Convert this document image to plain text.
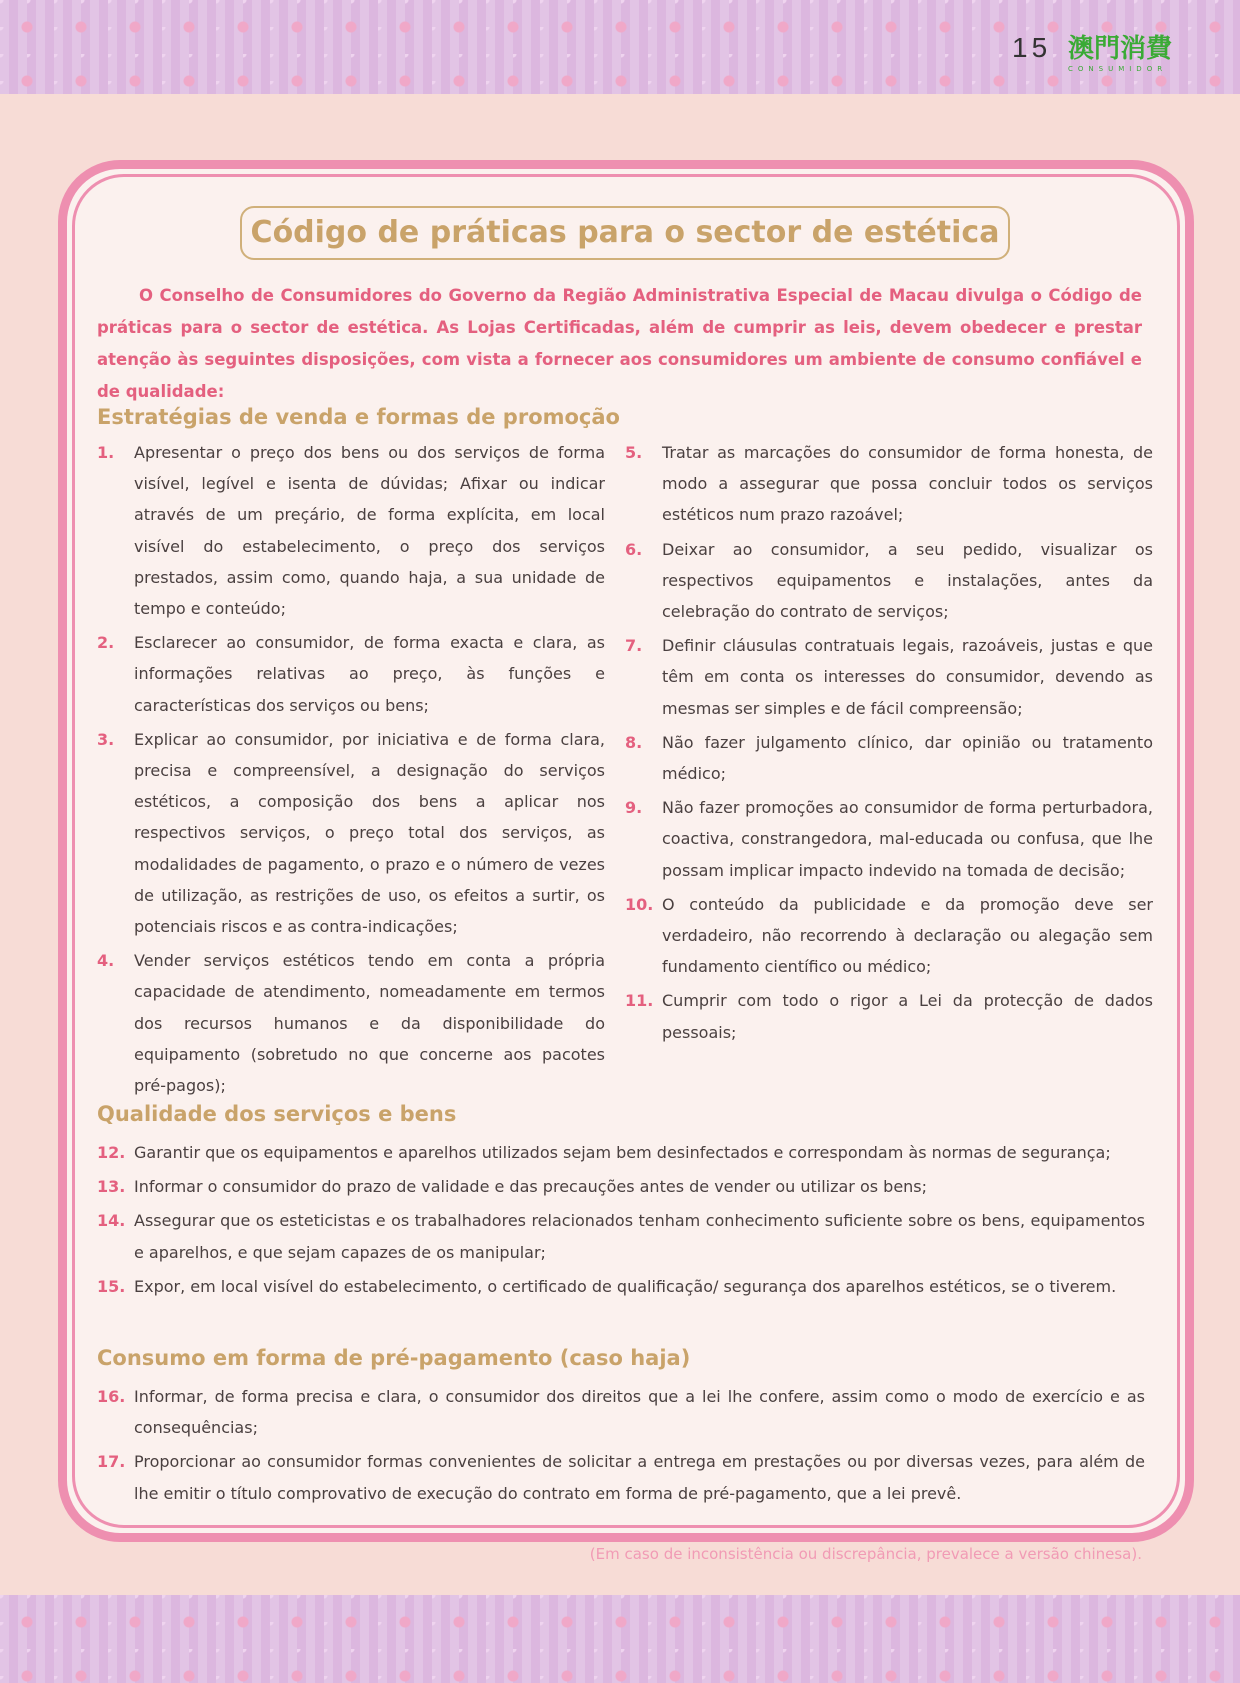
15 澳門消費
CONSUMIDOR
Código de práticas para o sector de estética

O Conselho de Consumidores do Governo da Região Administrativa Especial de Macau divulga o Código de práticas para o sector de estética. As Lojas Certificadas, além de cumprir as leis, devem obedecer e prestar atenção às seguintes disposições, com vista a fornecer aos consumidores um ambiente de consumo confiável e de qualidade:

Estratégias de venda e formas de promoção
1. Apresentar o preço dos bens ou dos serviços de forma visível, legível e isenta de dúvidas; Afixar ou indicar através de um preçário, de forma explícita, em local visível do estabelecimento, o preço dos serviços prestados, assim como, quando haja, a sua unidade de tempo e conteúdo;
2. Esclarecer ao consumidor, de forma exacta e clara, as informações relativas ao preço, às funções e características dos serviços ou bens;
3. Explicar ao consumidor, por iniciativa e de forma clara, precisa e compreensível, a designação do serviços estéticos, a composição dos bens a aplicar nos respectivos serviços, o preço total dos serviços, as modalidades de pagamento, o prazo e o número de vezes de utilização, as restrições de uso, os efeitos a surtir, os potenciais riscos e as contra-indicações;
4. Vender serviços estéticos tendo em conta a própria capacidade de atendimento, nomeadamente em termos dos recursos humanos e da disponibilidade do equipamento (sobretudo no que concerne aos pacotes pré-pagos);
5. Tratar as marcações do consumidor de forma honesta, de modo a assegurar que possa concluir todos os serviços estéticos num prazo razoável;
6. Deixar ao consumidor, a seu pedido, visualizar os respectivos equipamentos e instalações, antes da celebração do contrato de serviços;
7. Definir cláusulas contratuais legais, razoáveis, justas e que têm em conta os interesses do consumidor, devendo as mesmas ser simples e de fácil compreensão;
8. Não fazer julgamento clínico, dar opinião ou tratamento médico;
9. Não fazer promoções ao consumidor de forma perturbadora, coactiva, constrangedora, mal-educada ou confusa, que lhe possam implicar impacto indevido na tomada de decisão;
10. O conteúdo da publicidade e da promoção deve ser verdadeiro, não recorrendo à declaração ou alegação sem fundamento científico ou médico;
11. Cumprir com todo o rigor a Lei da protecção de dados pessoais;
Qualidade dos serviços e bens
12. Garantir que os equipamentos e aparelhos utilizados sejam bem desinfectados e correspondam às normas de segurança;
13. Informar o consumidor do prazo de validade e das precauções antes de vender ou utilizar os bens;
14. Assegurar que os esteticistas e os trabalhadores relacionados tenham conhecimento suficiente sobre os bens, equipamentos e aparelhos, e que sejam capazes de os manipular;
15. Expor, em local visível do estabelecimento, o certificado de qualificação/ segurança dos aparelhos estéticos, se o tiverem.
Consumo em forma de pré-pagamento (caso haja)
16. Informar, de forma precisa e clara, o consumidor dos direitos que a lei lhe confere, assim como o modo de exercício e as consequências;
17. Proporcionar ao consumidor formas convenientes de solicitar a entrega em prestações ou por diversas vezes, para além de lhe emitir o título comprovativo de execução do contrato em forma de pré-pagamento, que a lei prevê.
(Em caso de inconsistência ou discrepância, prevalece a versão chinesa).
